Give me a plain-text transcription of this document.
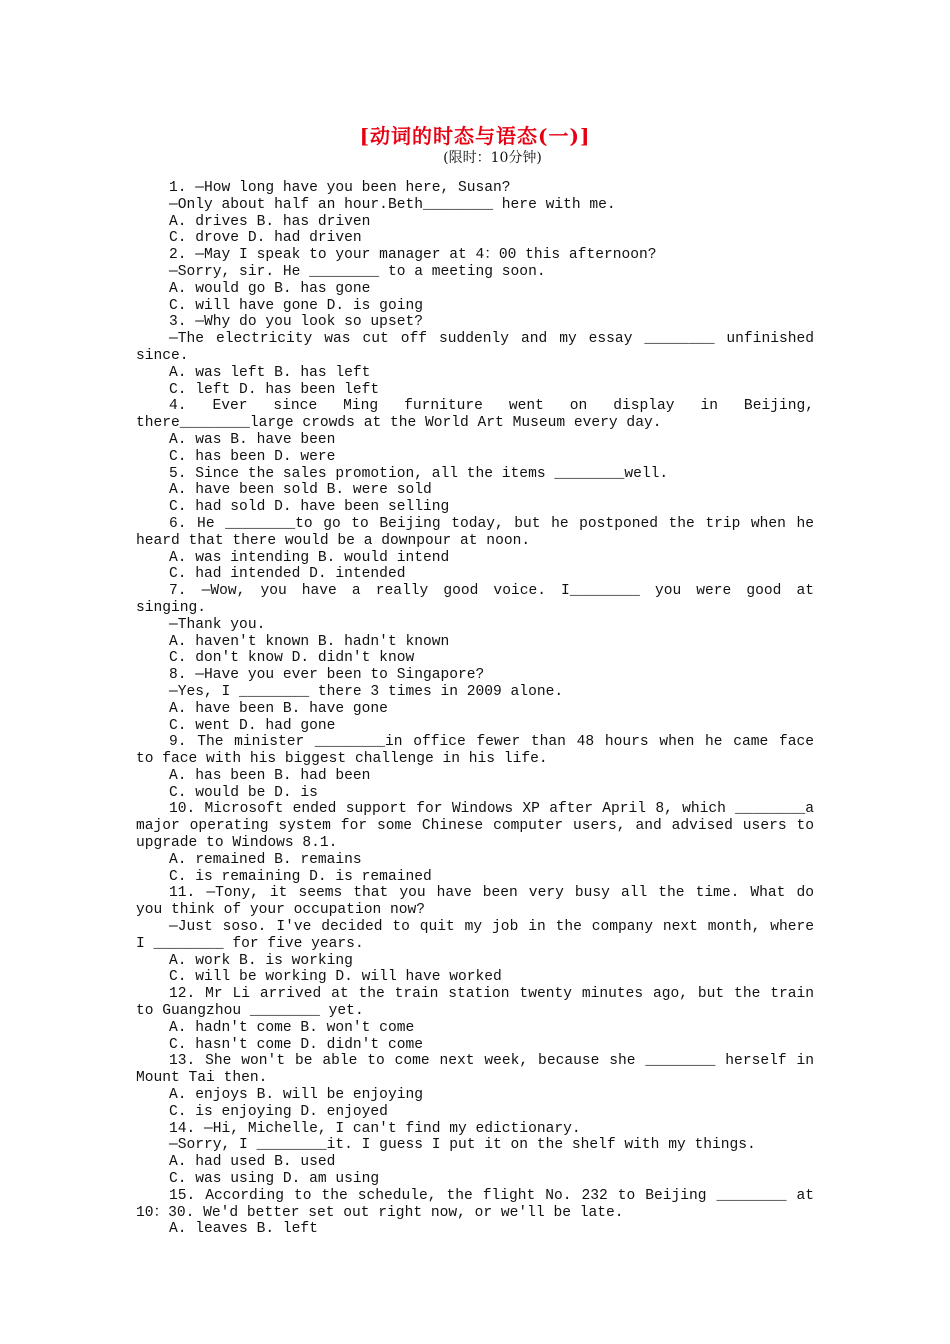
[动词的时态与语态(一)]
(限时：10分钟)

1. —How long have you been here, Susan?

—Only about half an hour.Beth________ here with me.

A. drives B. has driven

C. drove D. had driven

2. —May I speak to your manager at 4：00 this afternoon?

—Sorry, sir. He ________ to a meeting soon.

A. would go B. has gone

C. will have gone D. is going

3. —Why do you look so upset?

—The electricity was cut off suddenly and my essay ________ unfinished since.

A. was left B. has left

C. left D. has been left

4. Ever since Ming furniture went on display in Beijing, there________large crowds at the World Art Museum every day.

A. was B. have been

C. has been D. were

5. Since the sales promotion, all the items ________well.

A. have been sold B. were sold

C. had sold D. have been selling

6. He ________to go to Beijing today, but he postponed the trip when he heard that there would be a downpour at noon.

A. was intending B. would intend

C. had intended D. intended

7. —Wow, you have a really good voice. I________ you were good at singing.

—Thank you.

A. haven't known B. hadn't known

C. don't know D. didn't know

8. —Have you ever been to Singapore?

—Yes, I ________ there 3 times in 2009 alone.

A. have been B. have gone

C. went D. had gone

9. The minister ________in office fewer than 48 hours when he came face to face with his biggest challenge in his life.

A. has been B. had been

C. would be D. is

10. Microsoft ended support for Windows XP after April 8, which ________a major operating system for some Chinese computer users, and advised users to upgrade to Windows 8.1.

A. remained B. remains

C. is remaining D. is remained

11. —Tony, it seems that you have been very busy all the time. What do you think of your occupation now?

—Just soso. I've decided to quit my job in the company next month, where I ________ for five years.

A. work B. is working

C. will be working D. will have worked

12. Mr Li arrived at the train station twenty minutes ago, but the train to Guangzhou ________ yet.

A. hadn't come B. won't come

C. hasn't come D. didn't come

13. She won't be able to come next week, because she ________ herself in Mount Tai then.

A. enjoys B. will be enjoying

C. is enjoying D. enjoyed

14. —Hi, Michelle, I can't find my edictionary.

—Sorry, I ________it. I guess I put it on the shelf with my things.

A. had used B. used

C. was using D. am using

15. According to the schedule, the flight No. 232 to Beijing ________ at 10：30. We'd better set out right now, or we'll be late.

A. leaves B. left
